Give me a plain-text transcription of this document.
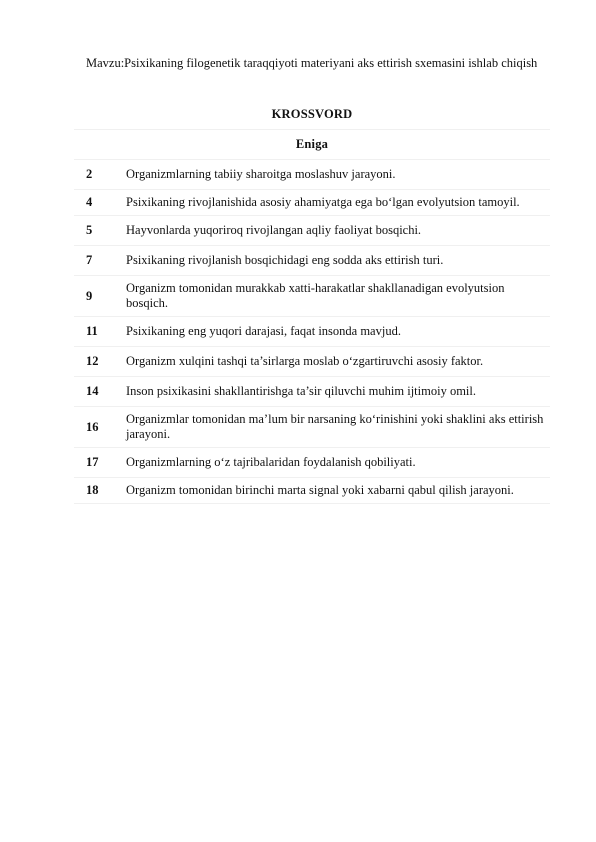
Mavzu:Psixikaning filogenetik taraqqiyoti materiyani aks ettirish sxemasini ishlab chiqish
KROSSVORD	
Eniga	
2	Organizmlarning tabiiy sharoitga moslashuv jarayoni.
4	Psixikaning rivojlanishida asosiy ahamiyatga ega bo‘lgan evolyutsion tamoyil.
5	Hayvonlarda yuqoriroq rivojlangan aqliy faoliyat bosqichi.
7	Psixikaning rivojlanish bosqichidagi eng sodda aks ettirish turi.
9	Organizm tomonidan murakkab xatti-harakatlar shakllanadigan evolyutsion bosqich.
11	Psixikaning eng yuqori darajasi, faqat insonda mavjud.
12	Organizm xulqini tashqi ta’sirlarga moslab o‘zgartiruvchi asosiy faktor.
14	Inson psixikasini shakllantirishga ta’sir qiluvchi muhim ijtimoiy omil.
16	Organizmlar tomonidan ma’lum bir narsaning ko‘rinishini yoki shaklini aks ettirish jarayoni.
17	Organizmlarning o‘z tajribalaridan foydalanish qobiliyati.
18	Organizm tomonidan birinchi marta signal yoki xabarni qabul qilish jarayoni.
